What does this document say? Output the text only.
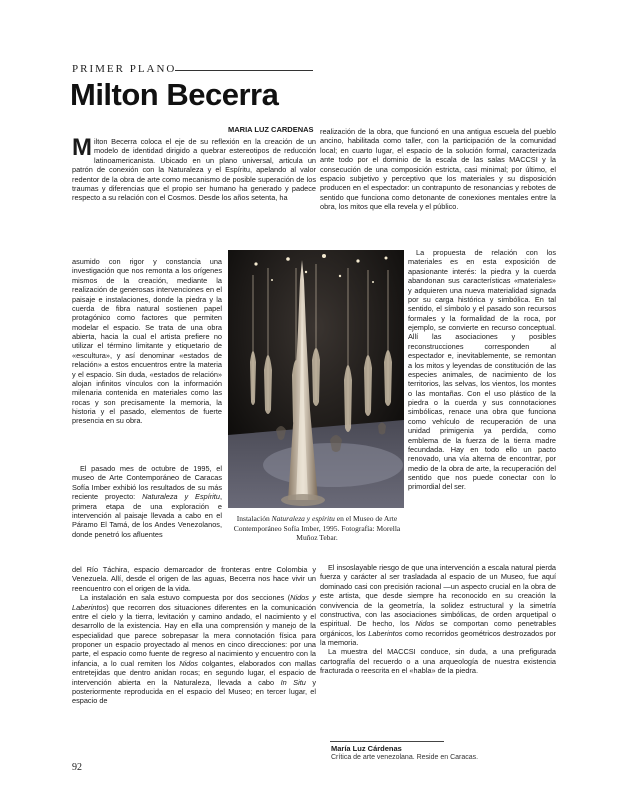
PRIMER PLANO
Milton Becerra
MARIA LUZ CARDENAS

Milton Becerra coloca el eje de su reflexión en la creación de un modelo de identidad dirigido a quebrar estereotipos de reducción latinoamericanista. Ubicado en un plano universal, articula un patrón de conexión con la Naturaleza y el Espíritu, apelando al valor redentor de la obra de arte como mecanismo de posible superación de los traumas y diferencias que el propio ser humano ha generado y padece respecto a su relación con el Cosmos. Desde los años setenta, ha

asumido con rigor y constancia una investigación que nos remonta a los orígenes mismos de la creación, mediante la realización de generosas intervenciones en el paisaje e instalaciones, donde la piedra y la cuerda de fibra natural sostienen papel protagónico como factores que permiten modelar el espacio. Se trata de una obra abierta, hacia la cual el artista prefiere no utilizar el término limitante y etiquetario de «escultura», y así denominar «estados de relación» a estos encuentros entre la materia y el espacio. Sin duda, «estados de relación» alojan infinitos vínculos con la información milenaria contenida en materiales como las rocas y son precisamente la memoria, la historia y el pasado, elementos de fuerte presencia en su obra.

El pasado mes de octubre de 1995, el museo de Arte Contemporáneo de Caracas Sofía Imber exhibió los resultados de su más reciente proyecto: Naturaleza y Espíritu, primera etapa de una exploración e intervención al paisaje llevada a cabo en el Páramo El Tamá, de los Andes Venezolanos, donde penetró los afluentes

del Río Táchira, espacio demarcador de fronteras entre Colombia y Venezuela. Allí, desde el origen de las aguas, Becerra nos hace vivir un reencuentro con el origen de la vida.

La instalación en sala estuvo compuesta por dos secciones (Nidos y Laberintos) que recorren dos situaciones diferentes en la comunicación entre el cielo y la tierra, levitación y camino andado, el nacimiento y el desarrollo de la existencia. Hay en ella una comprensión y manejo de la especialidad que parece sobrepasar la mera connotación física para proponer un espacio proyectado al menos en cinco direcciones: por una parte, el espacio como fuente de regreso al nacimiento y encuentro con la infancia, a lo cual remiten los Nidos colgantes, elaborados con mallas entretejidas que dentro anidan rocas; en segundo lugar, el espacio de intervención abierta en la Naturaleza, llevada a cabo In Situ y posteriormente reproducida en el espacio del Museo; en tercer lugar, el espacio de

realización de la obra, que funcionó en una antigua escuela del pueblo ancino, habilitada como taller, con la participación de la comunidad local; en cuarto lugar, el espacio de la solución formal, caracterizada ante todo por el dominio de la escala de las salas MACCSI y la consecución de una composición estricta, casi minimal; por último, el espacio subjetivo y perceptivo que los materiales y su disposición producen en el espectador: un contrapunto de resonancias y rebotes de sentido que funciona como detonante de conexiones mentales entre la obra, los mitos que ella revela y el público.

La propuesta de relación con los materiales es en esta exposición de apasionante interés: la piedra y la cuerda abandonan sus características «materiales» y adquieren una nueva materialidad signada por su carga histórica y simbólica. En tal sentido, el símbolo y el pasado son recursos formales y la formalidad de la roca, por ejemplo, se convierte en recurso conceptual. Allí las asociaciones y posibles reconstrucciones corresponden al espectador e, inevitablemente, se remontan a los mitos y leyendas de constitución de las especies animales, de nacimiento de los territorios, las selvas, los vientos, los montes o las montañas. Con el uso plástico de la piedra o la cuerda y sus connotaciones simbólicas, renace una obra que funciona como vehículo de recuperación de una unidad primigenia ya perdida, como emblema de la fuerza de la tierra madre fecundada. Hay en todo ello un pacto renovado, una vía alterna de encontrar, por medio de la obra de arte, la recuperación del sentido que nos puede conectar con lo primordial del ser.

El insoslayable riesgo de que una intervención a escala natural pierda fuerza y carácter al ser trasladada al espacio de un Museo, fue aquí dominado casi con precisión racional —un aspecto crucial en la obra de este artista, que desde siempre ha reconocido en su creación la convivencia de la geometría, la solidez estructural y la simetría constructiva, con las asociaciones simbólicas, de orden arquetipal o espiritual. De hecho, los Nidos se comportan como penetrables orgánicos, los Laberintos como recorridos geométricos destrozados por la memoria.

La muestra del MACCSI conduce, sin duda, a una prefigurada cartografía del recuerdo o a una arqueología de nuestra existencia fracturada o reescrita en el «habla» de la piedra.

Instalación Naturaleza y espíritu en el Museo de Arte Contemporáneo Sofía Imber, 1995. Fotografía: Morella Muñoz Tebar.
María Luz Cárdenas
Crítica de arte venezolana. Reside en Caracas.
92
